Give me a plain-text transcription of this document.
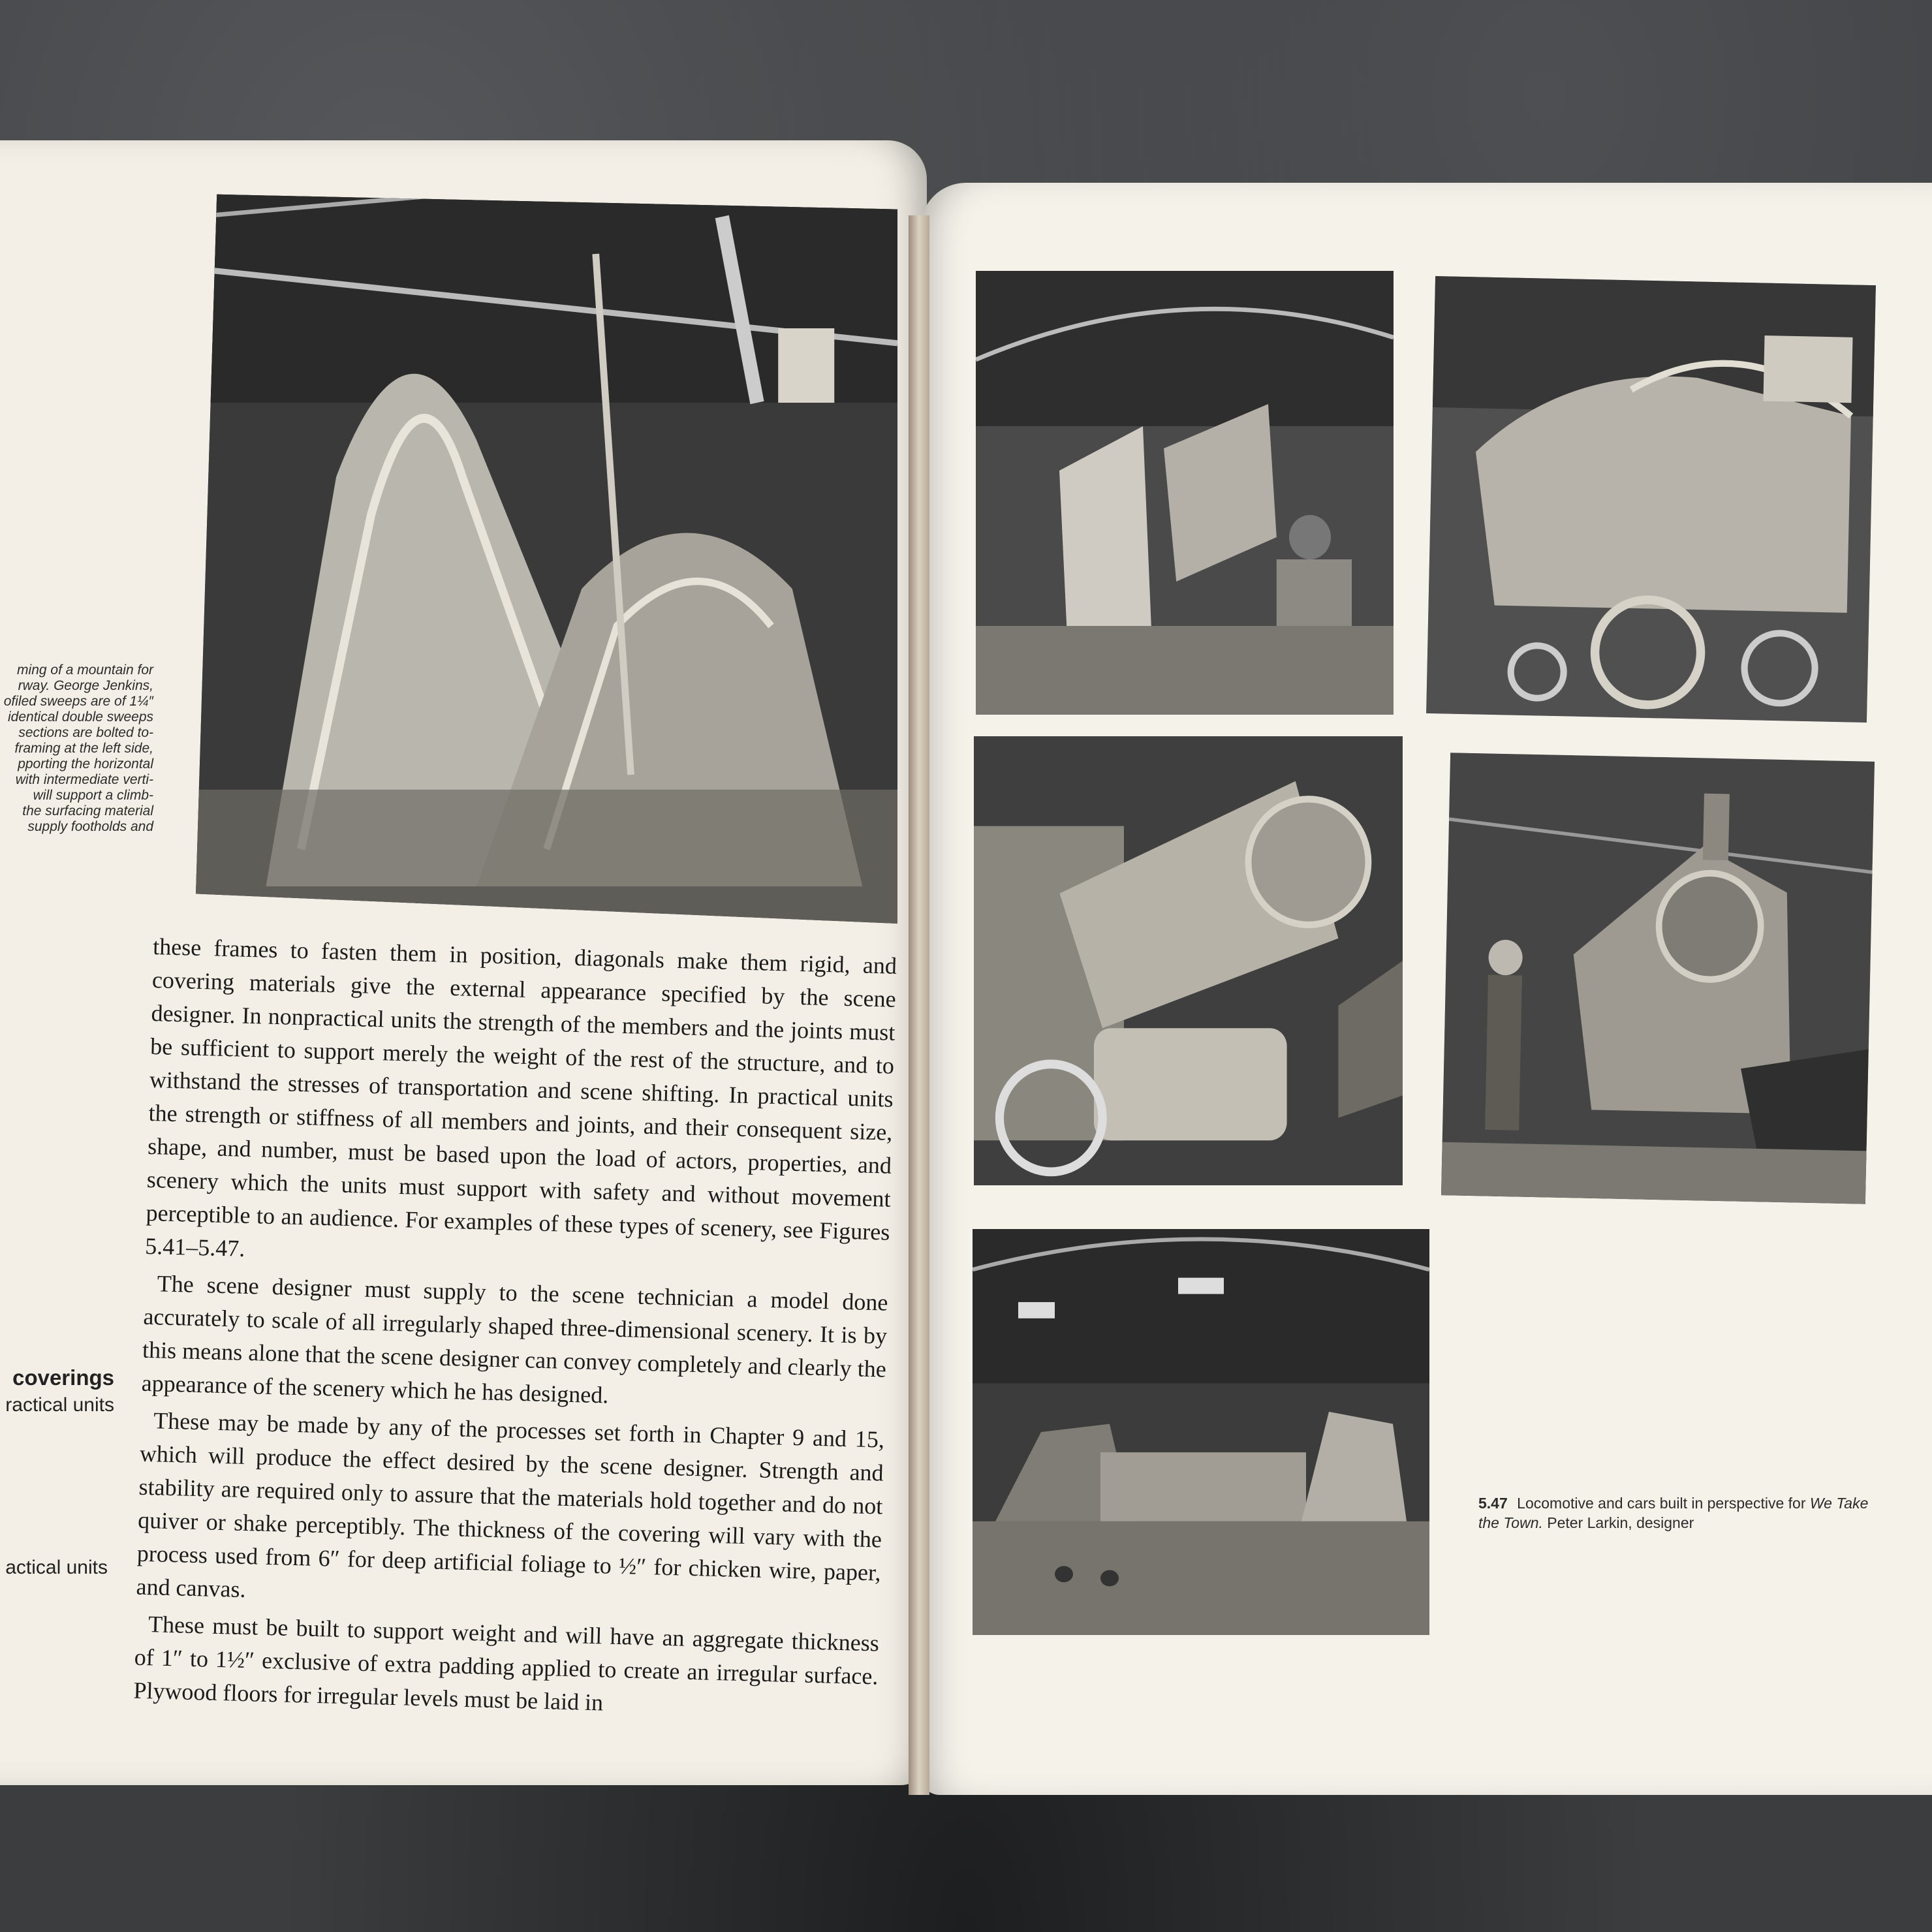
ming of a mountain for
rway. George Jenkins,
ofiled sweeps are of 1¼″
identical double sweeps
sections are bolted to-
framing at the left side,
pporting the horizontal
with intermediate verti-
will support a climb-
the surfacing material
supply footholds and

these frames to fasten them in position, diagonals make them rigid, and covering materials give the external appearance specified by the scene designer. In nonpractical units the strength of the members and the joints must be sufficient to support merely the weight of the rest of the structure, and to withstand the stresses of transportation and scene shifting. In practical units the strength or stiffness of all members and joints, and their consequent size, shape, and number, must be based upon the load of actors, properties, and scenery which the units must support with safety and without movement perceptible to an audience. For examples of these types of scenery, see Figures 5.41–5.47.

The scene designer must supply to the scene technician a model done accurately to scale of all irregularly shaped three-dimensional scenery. It is by this means alone that the scene designer can convey completely and clearly the appearance of the scenery which he has designed.

These may be made by any of the processes set forth in Chapter 9 and 15, which will produce the effect desired by the scene designer. Strength and stability are required only to assure that the materials hold together and do not quiver or shake perceptibly. The thickness of the covering will vary with the process used from 6″ for deep artificial foliage to ½″ for chicken wire, paper, and canvas.

These must be built to support weight and will have an aggregate thickness of 1″ to 1½″ exclusive of extra padding applied to create an irregular surface. Plywood floors for irregular levels must be laid in

coverings
ractical units
actical units
5.47 Locomotive and cars built in perspective for We Take the Town. Peter Larkin, designer
